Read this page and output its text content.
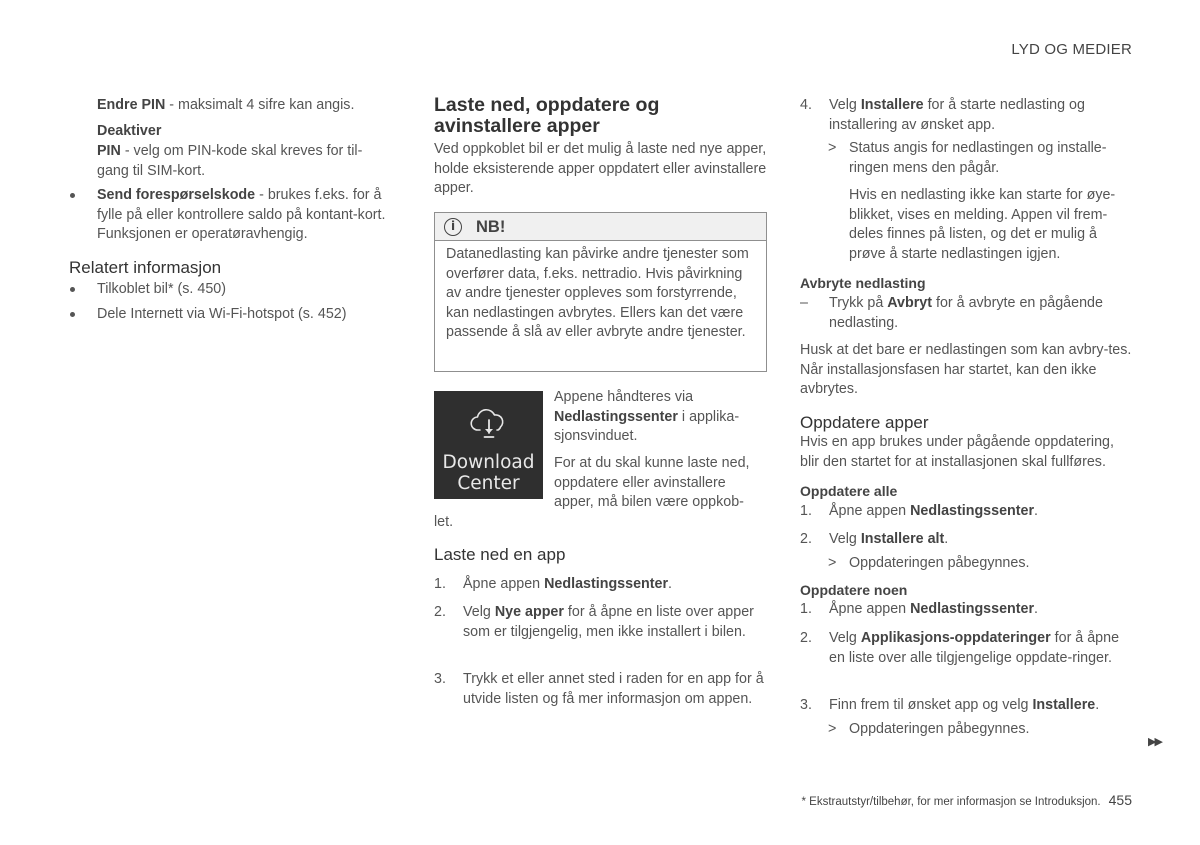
LYD OG MEDIER

Endre PIN - maksimalt 4 sifre kan angis.

Deaktiver

PIN - velg om PIN-kode skal kreves for til-gang til SIM-kort.

Send forespørselskode - brukes f.eks. for å fylle på eller kontrollere saldo på kontant-kort. Funksjonen er operatøravhengig.

Relatert informasjon

Tilkoblet bil* (s. 450)

Dele Internett via Wi-Fi-hotspot (s. 452)

Laste ned, oppdatere og avinstallere apper

Ved oppkoblet bil er det mulig å laste ned nye apper, holde eksisterende apper oppdatert eller avinstallere apper.

i	NB!

Datanedlasting kan påvirke andre tjenester som overfører data, f.eks. nettradio. Hvis påvirkning av andre tjenester oppleves som forstyrrende, kan nedlastingen avbrytes. Ellers kan det være passende å slå av eller avbryte andre tjenester.

Download
Center

Appene håndteres via Nedlastingssenter i applika-sjonsvinduet.

For at du skal kunne laste ned, oppdatere eller avinstallere apper, må bilen være oppkob-

let.

Laste ned en app

1. Åpne appen Nedlastingssenter.

2. Velg Nye apper for å åpne en liste over apper som er tilgjengelig, men ikke installert i bilen.

3. Trykk et eller annet sted i raden for en app for å utvide listen og få mer informasjon om appen.

4. Velg Installere for å starte nedlasting og installering av ønsket app.

> Status angis for nedlastingen og installe-ringen mens den pågår.

Hvis en nedlasting ikke kan starte for øye-blikket, vises en melding. Appen vil frem-deles finnes på listen, og det er mulig å prøve å starte nedlastingen igjen.

Avbryte nedlasting

– Trykk på Avbryt for å avbryte en pågående nedlasting.

Husk at det bare er nedlastingen som kan avbry-tes. Når installasjonsfasen har startet, kan den ikke avbrytes.

Oppdatere apper

Hvis en app brukes under pågående oppdatering, blir den startet for at installasjonen skal fullføres.

Oppdatere alle

1. Åpne appen Nedlastingssenter.

2. Velg Installere alt.

> Oppdateringen påbegynnes.

Oppdatere noen

1. Åpne appen Nedlastingssenter.

2. Velg Applikasjons-oppdateringer for å åpne en liste over alle tilgjengelige oppdate-ringer.

3. Finn frem til ønsket app og velg Installere.

> Oppdateringen påbegynnes.

▶▶
* Ekstrautstyr/tilbehør, for mer informasjon se Introduksjon. 455
